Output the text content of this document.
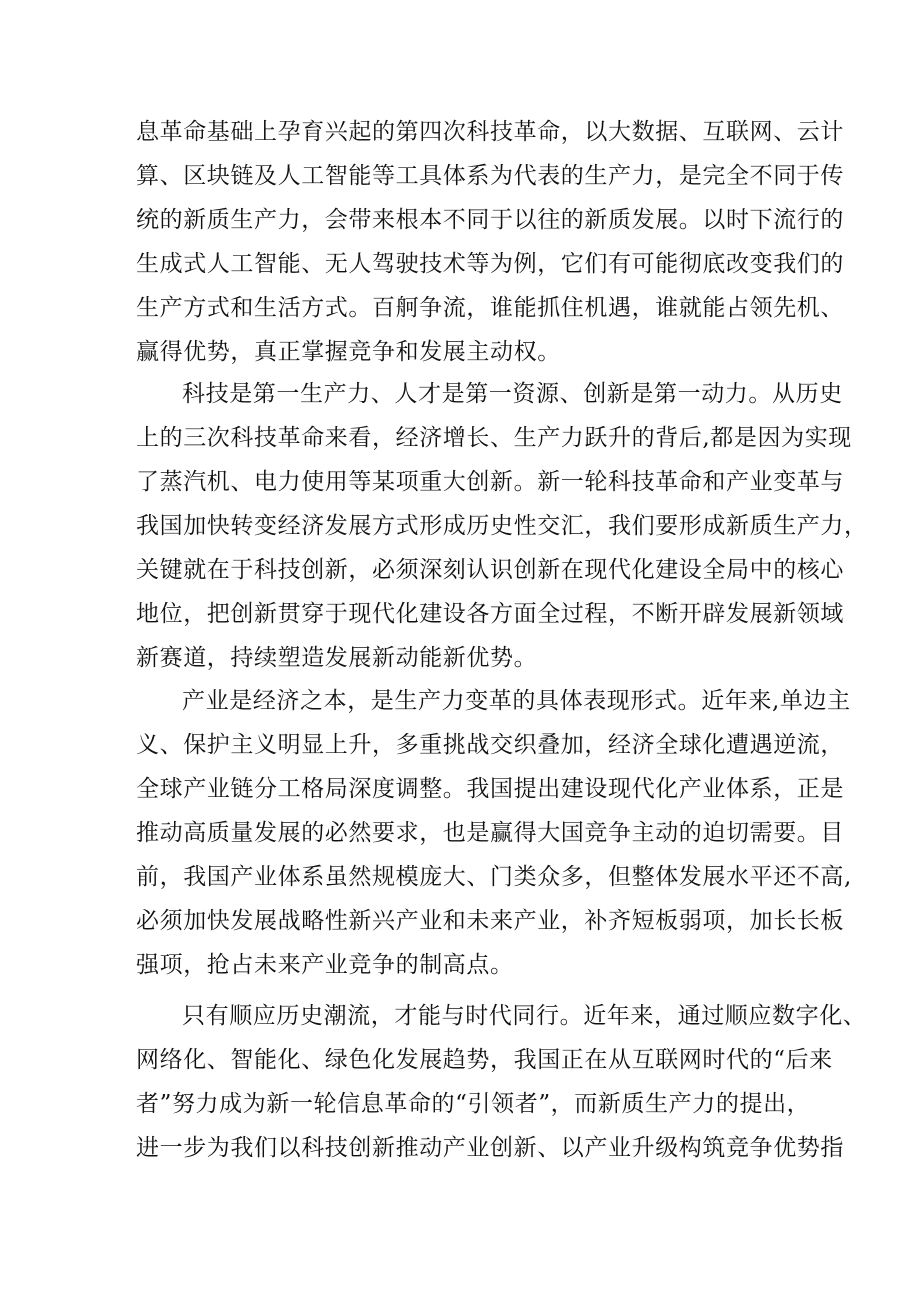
息革命基础上孕育兴起的第四次科技革命，以大数据、互联网、云计
算、区块链及人工智能等工具体系为代表的生产力，是完全不同于传
统的新质生产力，会带来根本不同于以往的新质发展。以时下流行的
生成式人工智能、无人驾驶技术等为例，它们有可能彻底改变我们的
生产方式和生活方式。百舸争流，谁能抓住机遇，谁就能占领先机、
赢得优势，真正掌握竞争和发展主动权。
科技是第一生产力、人才是第一资源、创新是第一动力。从历史
上的三次科技革命来看，经济增长、生产力跃升的背后,都是因为实现
了蒸汽机、电力使用等某项重大创新。新一轮科技革命和产业变革与
我国加快转变经济发展方式形成历史性交汇，我们要形成新质生产力，
关键就在于科技创新，必须深刻认识创新在现代化建设全局中的核心
地位，把创新贯穿于现代化建设各方面全过程，不断开辟发展新领域
新赛道，持续塑造发展新动能新优势。
产业是经济之本，是生产力变革的具体表现形式。近年来,单边主
义、保护主义明显上升，多重挑战交织叠加，经济全球化遭遇逆流，
全球产业链分工格局深度调整。我国提出建设现代化产业体系，正是
推动高质量发展的必然要求，也是赢得大国竞争主动的迫切需要。目
前，我国产业体系虽然规模庞大、门类众多，但整体发展水平还不高,
必须加快发展战略性新兴产业和未来产业，补齐短板弱项，加长长板
强项，抢占未来产业竞争的制高点。
只有顺应历史潮流，才能与时代同行。近年来，通过顺应数字化、
网络化、智能化、绿色化发展趋势，我国正在从互联网时代的“后来
者”努力成为新一轮信息革命的“引领者”，而新质生产力的提出，
进一步为我们以科技创新推动产业创新、以产业升级构筑竞争优势指
